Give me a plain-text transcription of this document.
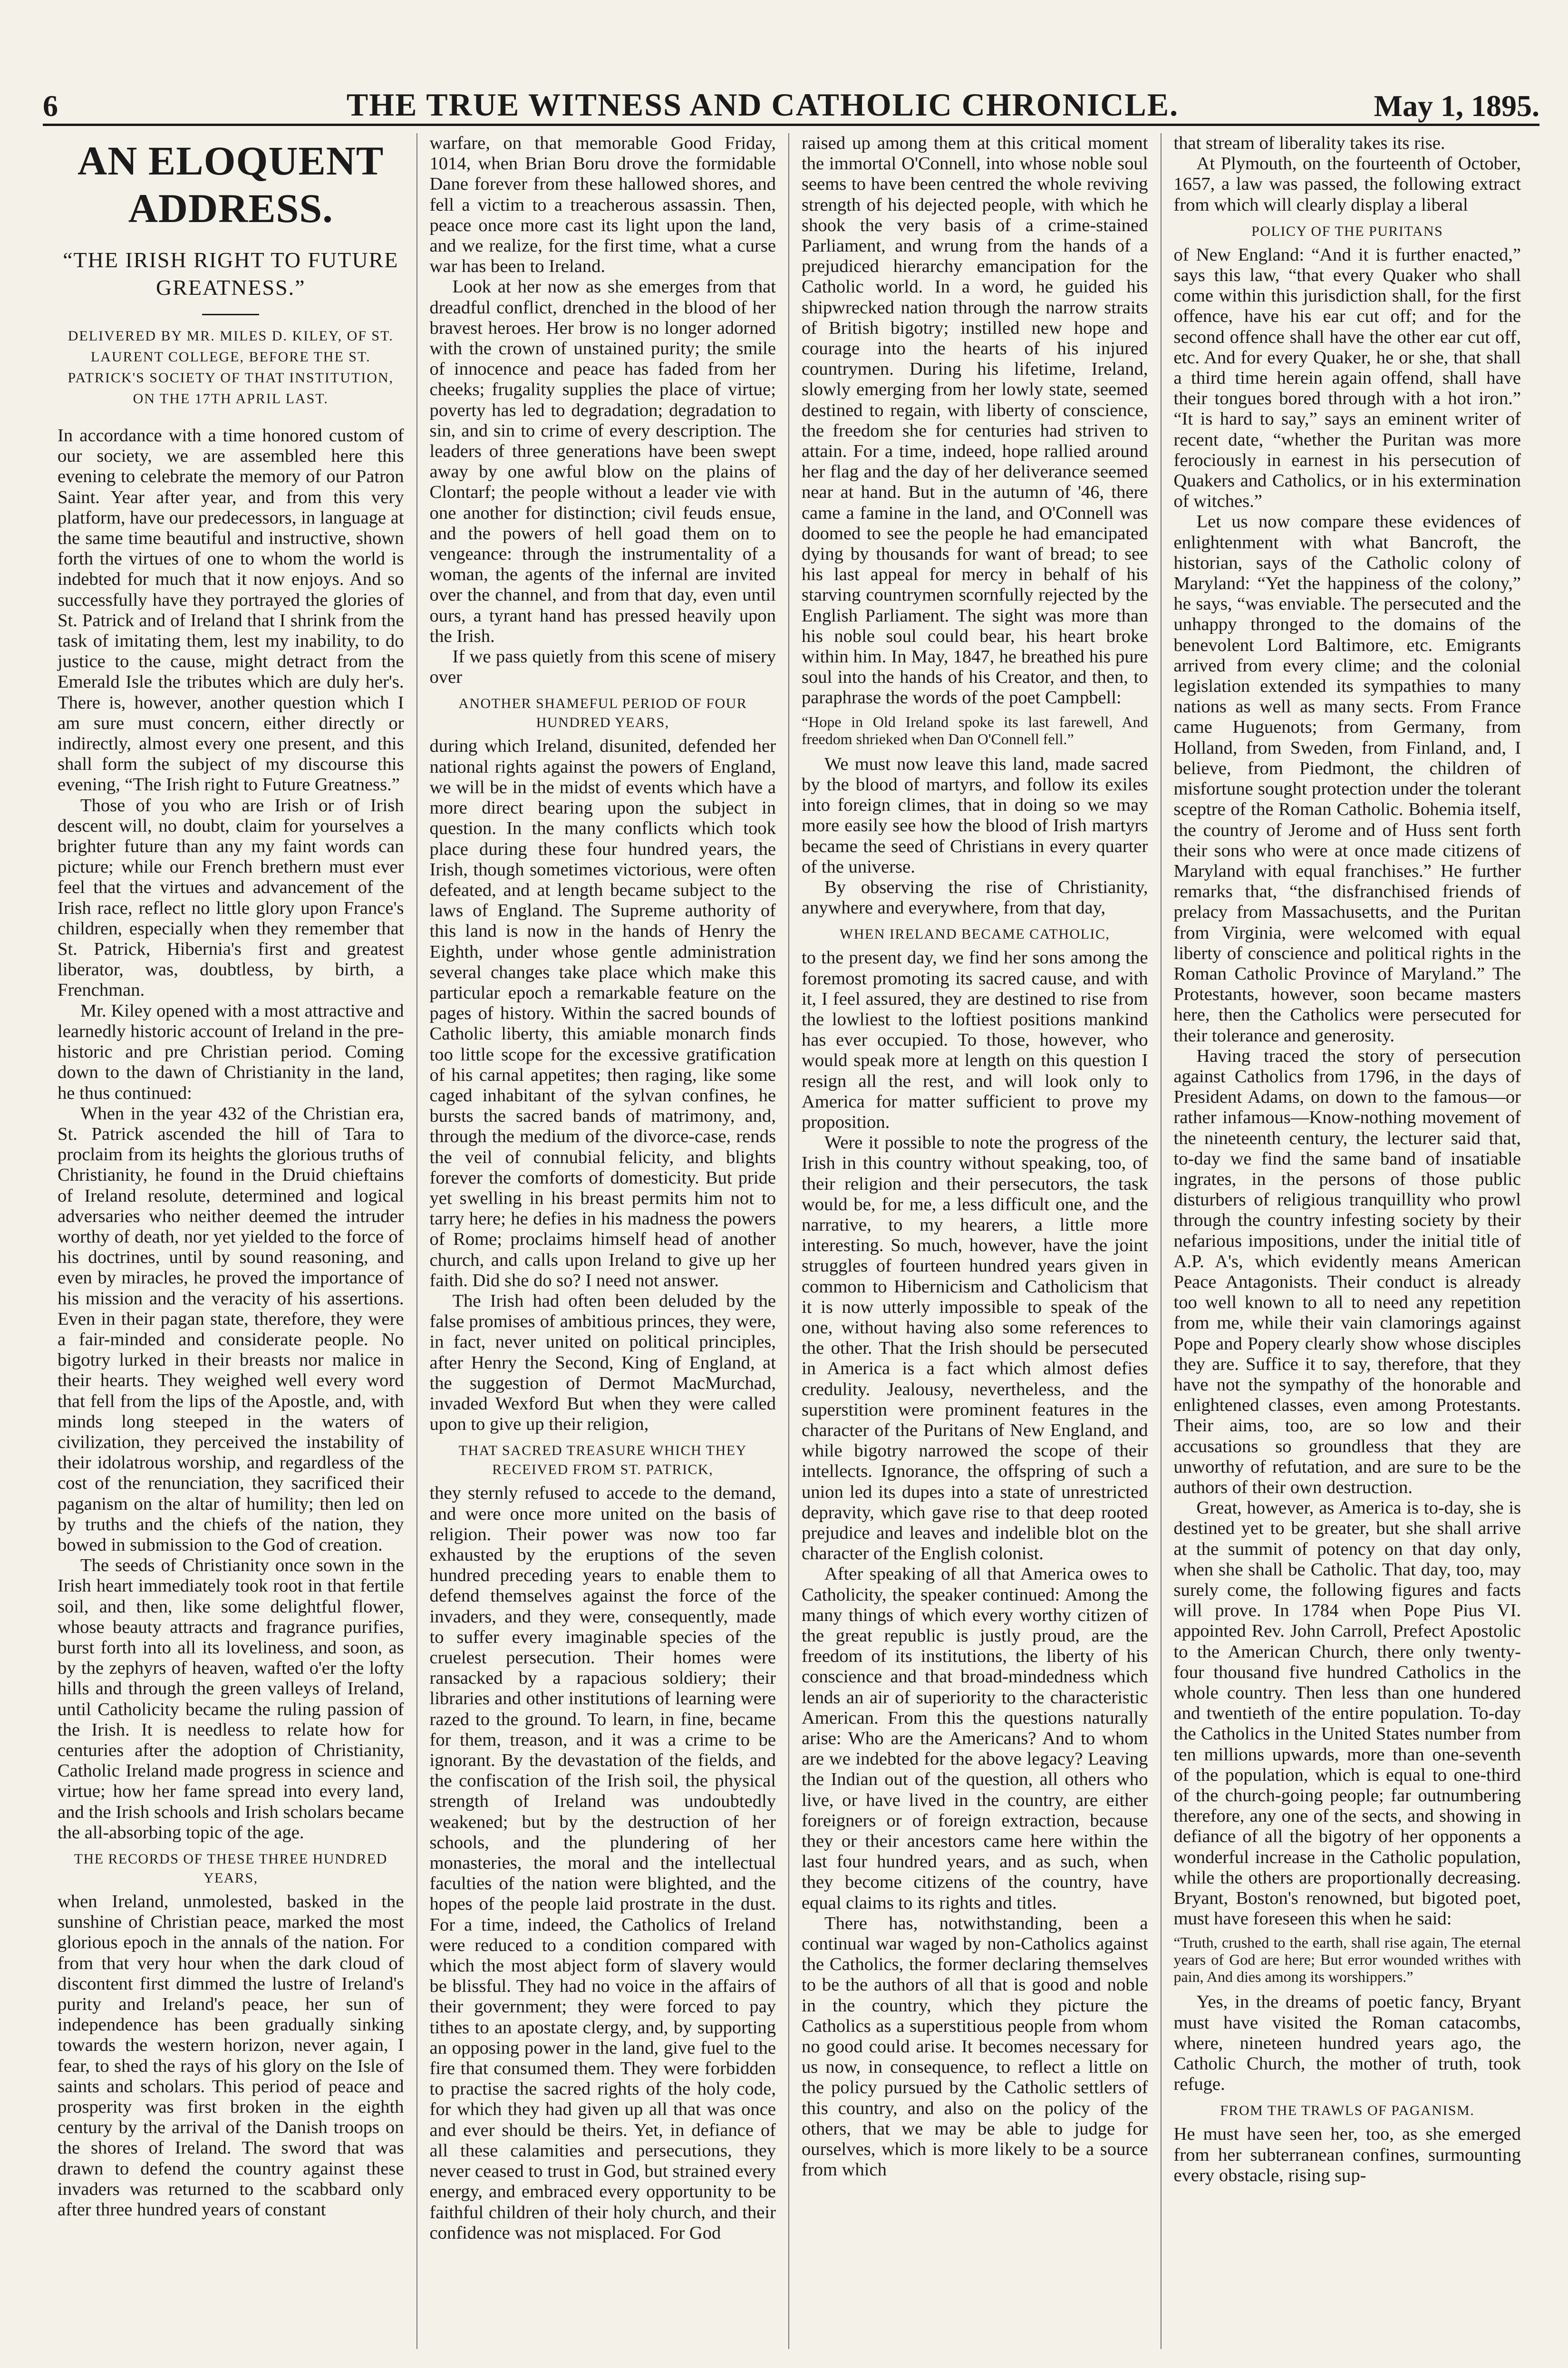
6	THE TRUE WITNESS AND CATHOLIC CHRONICLE.	May 1, 1895.
AN ELOQUENT ADDRESS.
“THE IRISH RIGHT TO FUTURE GREATNESS.”
DELIVERED BY MR. MILES D. KILEY, OF ST. LAURENT COLLEGE, BEFORE THE ST. PATRICK'S SOCIETY OF THAT INSTITUTION, ON THE 17TH APRIL LAST.

In accordance with a time honored custom of our society, we are assembled here this evening to celebrate the memory of our Patron Saint. Year after year, and from this very platform, have our predecessors, in language at the same time beautiful and instructive, shown forth the virtues of one to whom the world is indebted for much that it now enjoys. And so successfully have they portrayed the glories of St. Patrick and of Ireland that I shrink from the task of imitating them, lest my inability, to do justice to the cause, might detract from the Emerald Isle the tributes which are duly her's. There is, however, another question which I am sure must concern, either directly or indirectly, almost every one present, and this shall form the subject of my discourse this evening, “The Irish right to Future Greatness.”

Those of you who are Irish or of Irish descent will, no doubt, claim for yourselves a brighter future than any my faint words can picture; while our French brethern must ever feel that the virtues and advancement of the Irish race, reflect no little glory upon France's children, especially when they remember that St. Patrick, Hibernia's first and greatest liberator, was, doubtless, by birth, a Frenchman.

Mr. Kiley opened with a most attractive and learnedly historic account of Ireland in the pre-historic and pre Christian period. Coming down to the dawn of Christianity in the land, he thus continued:

When in the year 432 of the Christian era, St. Patrick ascended the hill of Tara to proclaim from its heights the glorious truths of Christianity, he found in the Druid chieftains of Ireland resolute, determined and logical adversaries who neither deemed the intruder worthy of death, nor yet yielded to the force of his doctrines, until by sound reasoning, and even by miracles, he proved the importance of his mission and the veracity of his assertions. Even in their pagan state, therefore, they were a fair-minded and considerate people. No bigotry lurked in their breasts nor malice in their hearts. They weighed well every word that fell from the lips of the Apostle, and, with minds long steeped in the waters of civilization, they perceived the instability of their idolatrous worship, and regardless of the cost of the renunciation, they sacrificed their paganism on the altar of humility; then led on by truths and the chiefs of the nation, they bowed in submission to the God of creation.

The seeds of Christianity once sown in the Irish heart immediately took root in that fertile soil, and then, like some delightful flower, whose beauty attracts and fragrance purifies, burst forth into all its loveliness, and soon, as by the zephyrs of heaven, wafted o'er the lofty hills and through the green valleys of Ireland, until Catholicity became the ruling passion of the Irish. It is needless to relate how for centuries after the adoption of Christianity, Catholic Ireland made progress in science and virtue; how her fame spread into every land, and the Irish schools and Irish scholars became the all-absorbing topic of the age.

THE RECORDS OF THESE THREE HUNDRED YEARS,

when Ireland, unmolested, basked in the sunshine of Christian peace, marked the most glorious epoch in the annals of the nation. For from that very hour when the dark cloud of discontent first dimmed the lustre of Ireland's purity and Ireland's peace, her sun of independence has been gradually sinking towards the western horizon, never again, I fear, to shed the rays of his glory on the Isle of saints and scholars. This period of peace and prosperity was first broken in the eighth century by the arrival of the Danish troops on the shores of Ireland. The sword that was drawn to defend the country against these invaders was returned to the scabbard only after three hundred years of constant

warfare, on that memorable Good Friday, 1014, when Brian Boru drove the formidable Dane forever from these hallowed shores, and fell a victim to a treacherous assassin. Then, peace once more cast its light upon the land, and we realize, for the first time, what a curse war has been to Ireland.

Look at her now as she emerges from that dreadful conflict, drenched in the blood of her bravest heroes. Her brow is no longer adorned with the crown of unstained purity; the smile of innocence and peace has faded from her cheeks; frugality supplies the place of virtue; poverty has led to degradation; degradation to sin, and sin to crime of every description. The leaders of three generations have been swept away by one awful blow on the plains of Clontarf; the people without a leader vie with one another for distinction; civil feuds ensue, and the powers of hell goad them on to vengeance: through the instrumentality of a woman, the agents of the infernal are invited over the channel, and from that day, even until ours, a tyrant hand has pressed heavily upon the Irish.

If we pass quietly from this scene of misery over

ANOTHER SHAMEFUL PERIOD OF FOUR HUNDRED YEARS,

during which Ireland, disunited, defended her national rights against the powers of England, we will be in the midst of events which have a more direct bearing upon the subject in question. In the many conflicts which took place during these four hundred years, the Irish, though sometimes victorious, were often defeated, and at length became subject to the laws of England. The Supreme authority of this land is now in the hands of Henry the Eighth, under whose gentle administration several changes take place which make this particular epoch a remarkable feature on the pages of history. Within the sacred bounds of Catholic liberty, this amiable monarch finds too little scope for the excessive gratification of his carnal appetites; then raging, like some caged inhabitant of the sylvan confines, he bursts the sacred bands of matrimony, and, through the medium of the divorce-case, rends the veil of connubial felicity, and blights forever the comforts of domesticity. But pride yet swelling in his breast permits him not to tarry here; he defies in his madness the powers of Rome; proclaims himself head of another church, and calls upon Ireland to give up her faith. Did she do so? I need not answer.

The Irish had often been deluded by the false promises of ambitious princes, they were, in fact, never united on political principles, after Henry the Second, King of England, at the suggestion of Dermot MacMurchad, invaded Wexford But when they were called upon to give up their religion,

THAT SACRED TREASURE WHICH THEY RECEIVED FROM ST. PATRICK,

they sternly refused to accede to the demand, and were once more united on the basis of religion. Their power was now too far exhausted by the eruptions of the seven hundred preceding years to enable them to defend themselves against the force of the invaders, and they were, consequently, made to suffer every imaginable species of the cruelest persecution. Their homes were ransacked by a rapacious soldiery; their libraries and other institutions of learning were razed to the ground. To learn, in fine, became for them, treason, and it was a crime to be ignorant. By the devastation of the fields, and the confiscation of the Irish soil, the physical strength of Ireland was undoubtedly weakened; but by the destruction of her schools, and the plundering of her monasteries, the moral and the intellectual faculties of the nation were blighted, and the hopes of the people laid prostrate in the dust. For a time, indeed, the Catholics of Ireland were reduced to a condition compared with which the most abject form of slavery would be blissful. They had no voice in the affairs of their government; they were forced to pay tithes to an apostate clergy, and, by supporting an opposing power in the land, give fuel to the fire that consumed them. They were forbidden to practise the sacred rights of the holy code, for which they had given up all that was once and ever should be theirs. Yet, in defiance of all these calamities and persecutions, they never ceased to trust in God, but strained every energy, and embraced every opportunity to be faithful children of their holy church, and their confidence was not misplaced. For God

raised up among them at this critical moment the immortal O'Connell, into whose noble soul seems to have been centred the whole reviving strength of his dejected people, with which he shook the very basis of a crime-stained Parliament, and wrung from the hands of a prejudiced hierarchy emancipation for the Catholic world. In a word, he guided his shipwrecked nation through the narrow straits of British bigotry; instilled new hope and courage into the hearts of his injured countrymen. During his lifetime, Ireland, slowly emerging from her lowly state, seemed destined to regain, with liberty of conscience, the freedom she for centuries had striven to attain. For a time, indeed, hope rallied around her flag and the day of her deliverance seemed near at hand. But in the autumn of '46, there came a famine in the land, and O'Connell was doomed to see the people he had emancipated dying by thousands for want of bread; to see his last appeal for mercy in behalf of his starving countrymen scornfully rejected by the English Parliament. The sight was more than his noble soul could bear, his heart broke within him. In May, 1847, he breathed his pure soul into the hands of his Creator, and then, to paraphrase the words of the poet Campbell:

“Hope in Old Ireland spoke its last farewell, And freedom shrieked when Dan O'Connell fell.”

We must now leave this land, made sacred by the blood of martyrs, and follow its exiles into foreign climes, that in doing so we may more easily see how the blood of Irish martyrs became the seed of Christians in every quarter of the universe.

By observing the rise of Christianity, anywhere and everywhere, from that day,

WHEN IRELAND BECAME CATHOLIC,

to the present day, we find her sons among the foremost promoting its sacred cause, and with it, I feel assured, they are destined to rise from the lowliest to the loftiest positions mankind has ever occupied. To those, however, who would speak more at length on this question I resign all the rest, and will look only to America for matter sufficient to prove my proposition.

Were it possible to note the progress of the Irish in this country without speaking, too, of their religion and their persecutors, the task would be, for me, a less difficult one, and the narrative, to my hearers, a little more interesting. So much, however, have the joint struggles of fourteen hundred years given in common to Hibernicism and Catholicism that it is now utterly impossible to speak of the one, without having also some references to the other. That the Irish should be persecuted in America is a fact which almost defies credulity. Jealousy, nevertheless, and the superstition were prominent features in the character of the Puritans of New England, and while bigotry narrowed the scope of their intellects. Ignorance, the offspring of such a union led its dupes into a state of unrestricted depravity, which gave rise to that deep rooted prejudice and leaves and indelible blot on the character of the English colonist.

After speaking of all that America owes to Catholicity, the speaker continued: Among the many things of which every worthy citizen of the great republic is justly proud, are the freedom of its institutions, the liberty of his conscience and that broad-mindedness which lends an air of superiority to the characteristic American. From this the questions naturally arise: Who are the Americans? And to whom are we indebted for the above legacy? Leaving the Indian out of the question, all others who live, or have lived in the country, are either foreigners or of foreign extraction, because they or their ancestors came here within the last four hundred years, and as such, when they become citizens of the country, have equal claims to its rights and titles.

There has, notwithstanding, been a continual war waged by non-Catholics against the Catholics, the former declaring themselves to be the authors of all that is good and noble in the country, which they picture the Catholics as a superstitious people from whom no good could arise. It becomes necessary for us now, in consequence, to reflect a little on the policy pursued by the Catholic settlers of this country, and also on the policy of the others, that we may be able to judge for ourselves, which is more likely to be a source from which

that stream of liberality takes its rise.

At Plymouth, on the fourteenth of October, 1657, a law was passed, the following extract from which will clearly display a liberal

POLICY OF THE PURITANS

of New England: “And it is further enacted,” says this law, “that every Quaker who shall come within this jurisdiction shall, for the first offence, have his ear cut off; and for the second offence shall have the other ear cut off, etc. And for every Quaker, he or she, that shall a third time herein again offend, shall have their tongues bored through with a hot iron.” “It is hard to say,” says an eminent writer of recent date, “whether the Puritan was more ferociously in earnest in his persecution of Quakers and Catholics, or in his extermination of witches.”

Let us now compare these evidences of enlightenment with what Bancroft, the historian, says of the Catholic colony of Maryland: “Yet the happiness of the colony,” he says, “was enviable. The persecuted and the unhappy thronged to the domains of the benevolent Lord Baltimore, etc. Emigrants arrived from every clime; and the colonial legislation extended its sympathies to many nations as well as many sects. From France came Huguenots; from Germany, from Holland, from Sweden, from Finland, and, I believe, from Piedmont, the children of misfortune sought protection under the tolerant sceptre of the Roman Catholic. Bohemia itself, the country of Jerome and of Huss sent forth their sons who were at once made citizens of Maryland with equal franchises.” He further remarks that, “the disfranchised friends of prelacy from Massachusetts, and the Puritan from Virginia, were welcomed with equal liberty of conscience and political rights in the Roman Catholic Province of Maryland.” The Protestants, however, soon became masters here, then the Catholics were persecuted for their tolerance and generosity.

Having traced the story of persecution against Catholics from 1796, in the days of President Adams, on down to the famous—or rather infamous—Know-nothing movement of the nineteenth century, the lecturer said that, to-day we find the same band of insatiable ingrates, in the persons of those public disturbers of religious tranquillity who prowl through the country infesting society by their nefarious impositions, under the initial title of A.P. A's, which evidently means American Peace Antagonists. Their conduct is already too well known to all to need any repetition from me, while their vain clamorings against Pope and Popery clearly show whose disciples they are. Suffice it to say, therefore, that they have not the sympathy of the honorable and enlightened classes, even among Protestants. Their aims, too, are so low and their accusations so groundless that they are unworthy of refutation, and are sure to be the authors of their own destruction.

Great, however, as America is to-day, she is destined yet to be greater, but she shall arrive at the summit of potency on that day only, when she shall be Catholic. That day, too, may surely come, the following figures and facts will prove. In 1784 when Pope Pius VI. appointed Rev. John Carroll, Prefect Apostolic to the American Church, there only twenty-four thousand five hundred Catholics in the whole country. Then less than one hundered and twentieth of the entire population. To-day the Catholics in the United States number from ten millions upwards, more than one-seventh of the population, which is equal to one-third of the church-going people; far outnumbering therefore, any one of the sects, and showing in defiance of all the bigotry of her opponents a wonderful increase in the Catholic population, while the others are proportionally decreasing. Bryant, Boston's renowned, but bigoted poet, must have foreseen this when he said:

“Truth, crushed to the earth, shall rise again, The eternal years of God are here; But error wounded writhes with pain, And dies among its worshippers.”

Yes, in the dreams of poetic fancy, Bryant must have visited the Roman catacombs, where, nineteen hundred years ago, the Catholic Church, the mother of truth, took refuge.

FROM THE TRAWLS OF PAGANISM.

He must have seen her, too, as she emerged from her subterranean confines, surmounting every obstacle, rising sup-
